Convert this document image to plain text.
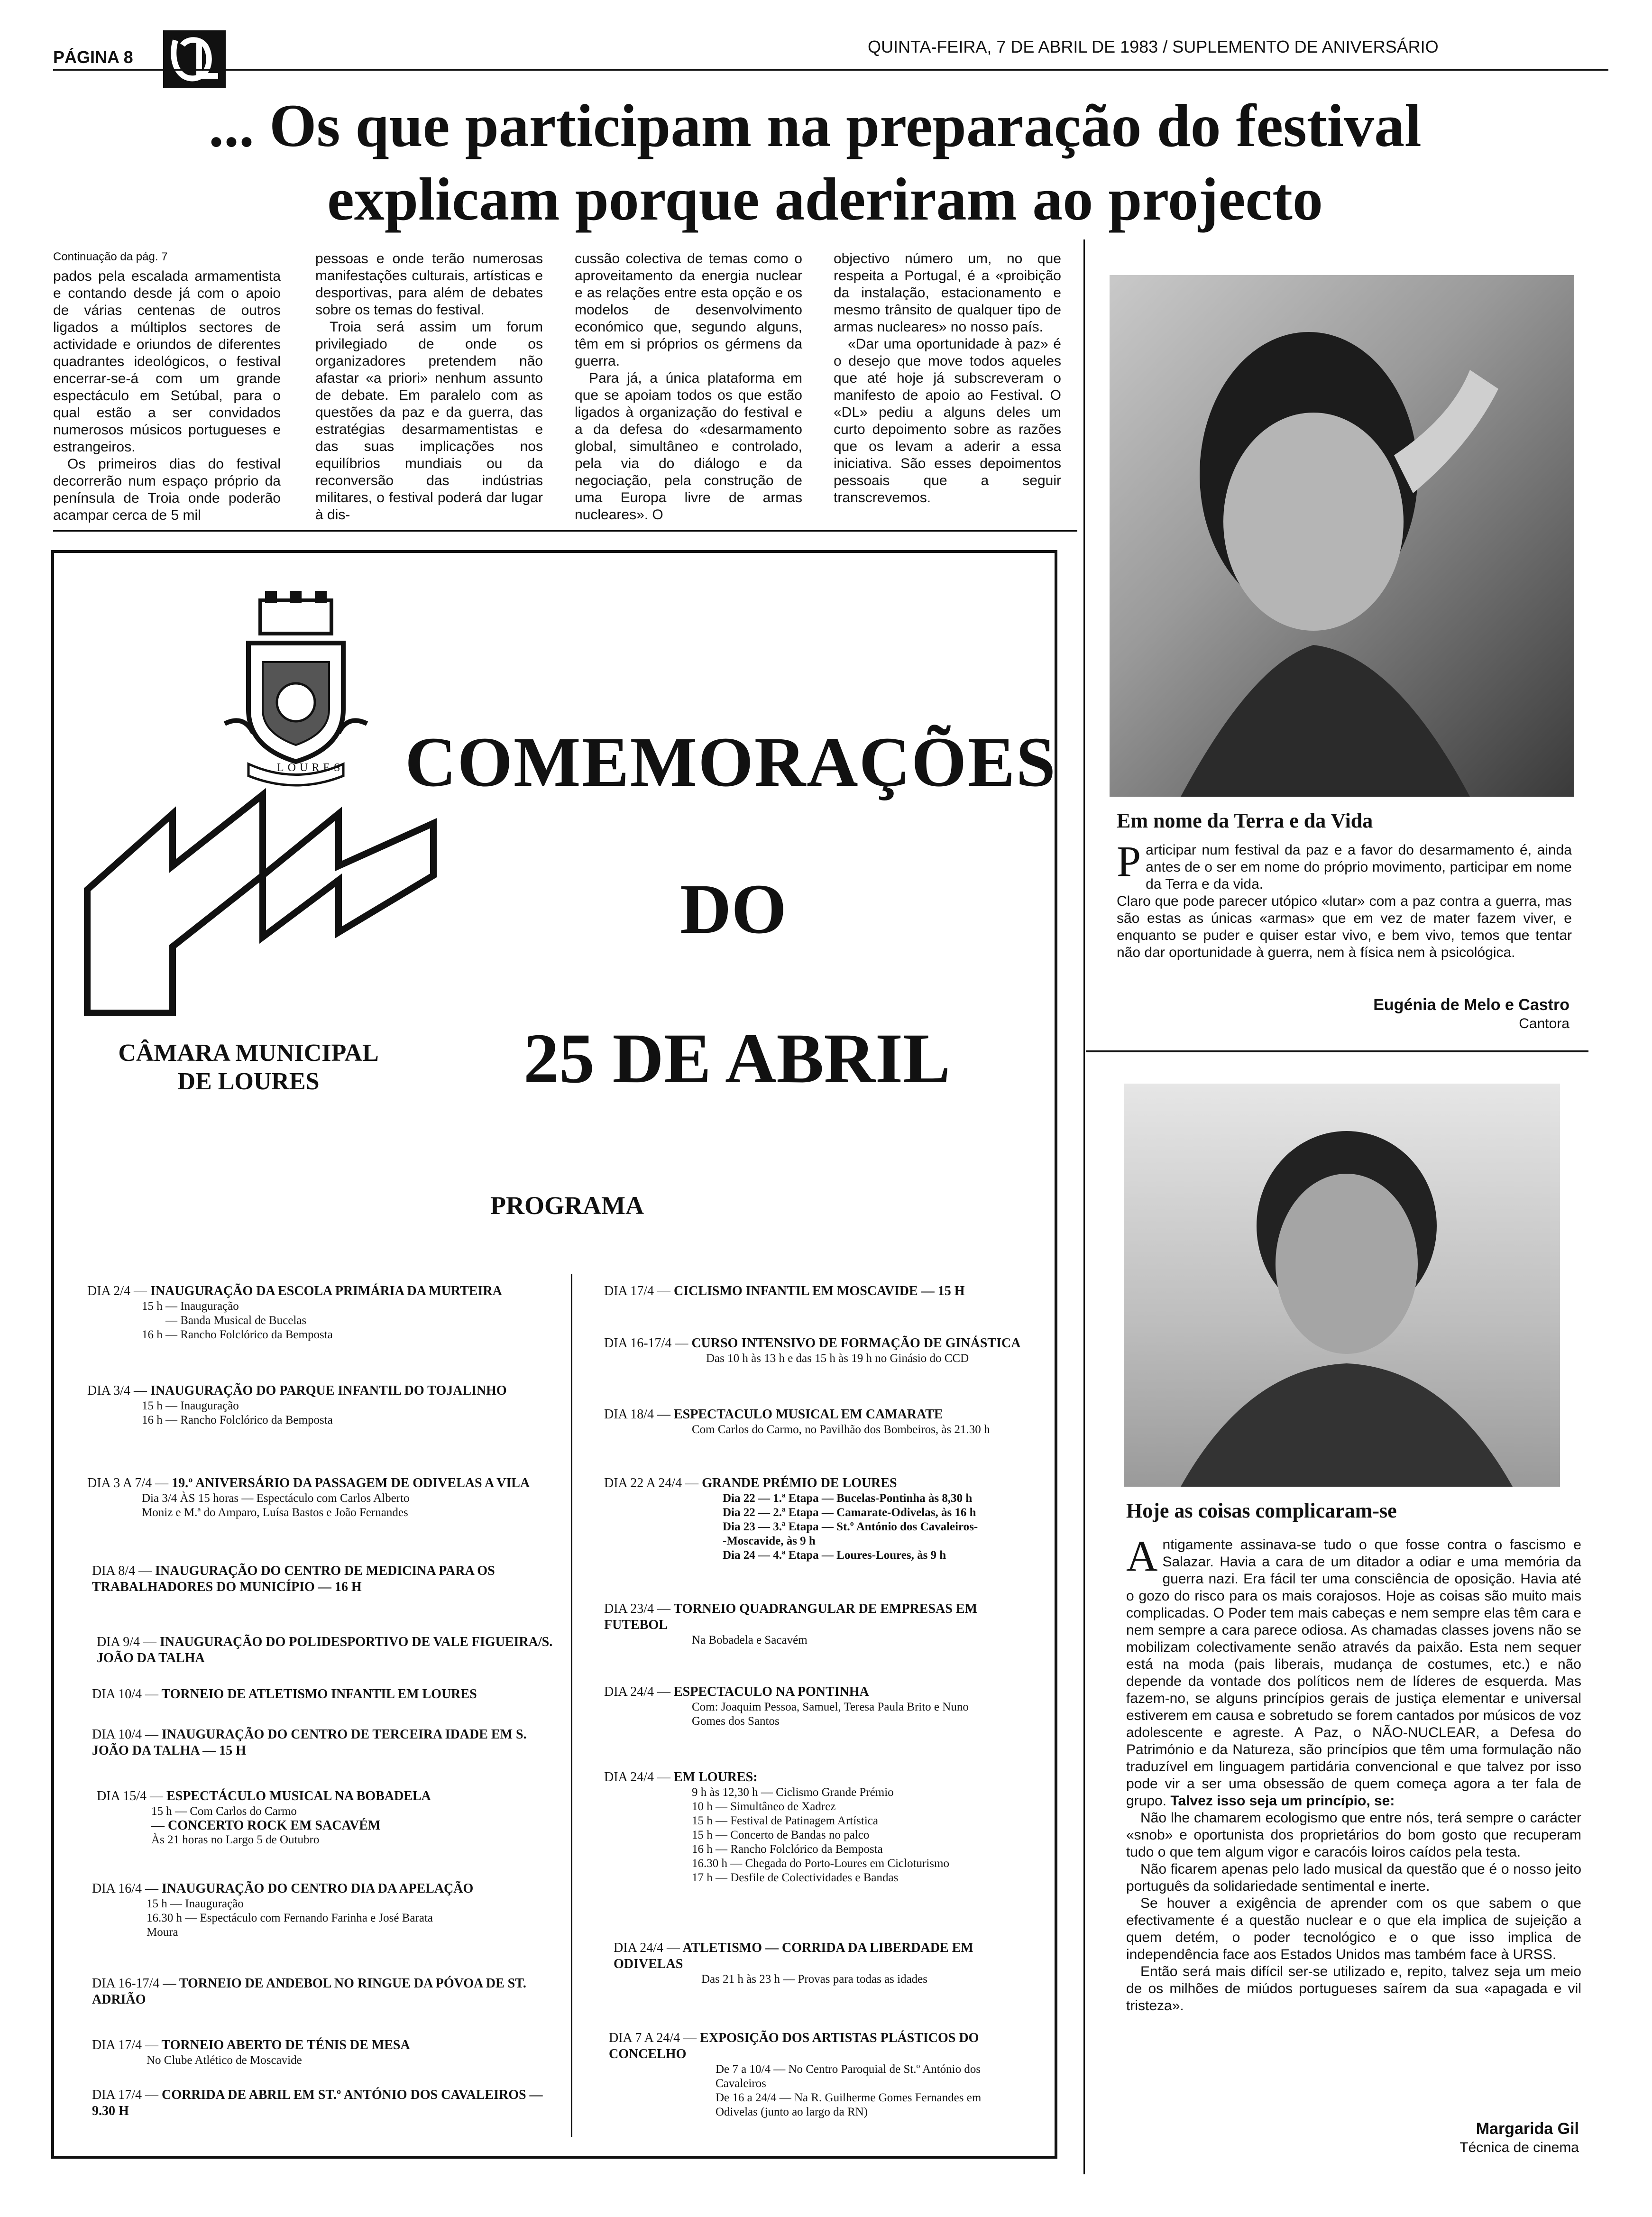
PÁGINA 8
QUINTA-FEIRA, 7 DE ABRIL DE 1983 / SUPLEMENTO DE ANIVERSÁRIO
... Os que participam na preparação do festival
explicam porque aderiram ao projecto
Continuação da pág. 7

pados pela escalada armamentista e contando desde já com o apoio de várias centenas de outros ligados a múltiplos sectores de actividade e oriundos de diferentes quadrantes ideológicos, o festival encerrar-se-á com um grande espectáculo em Setúbal, para o qual estão a ser convidados numerosos músicos portugueses e estrangeiros.

Os primeiros dias do festival decorrerão num espaço próprio da península de Troia onde poderão acampar cerca de 5 mil

pessoas e onde terão numerosas manifestações culturais, artísticas e desportivas, para além de debates sobre os temas do festival.

Troia será assim um forum privilegiado de onde os organizadores pretendem não afastar «a priori» nenhum assunto de debate. Em paralelo com as questões da paz e da guerra, das estratégias desarmamentistas e das suas implicações nos equilíbrios mundiais ou da reconversão das indústrias militares, o festival poderá dar lugar à dis-

cussão colectiva de temas como o aproveitamento da energia nuclear e as relações entre esta opção e os modelos de desenvolvimento económico que, segundo alguns, têm em si próprios os gérmens da guerra.

Para já, a única plataforma em que se apoiam todos os que estão ligados à organização do festival e a da defesa do «desarmamento global, simultâneo e controlado, pela via do diálogo e da negociação, pela construção de uma Europa livre de armas nucleares». O

objectivo número um, no que respeita a Portugal, é a «proibição da instalação, estacionamento e mesmo trânsito de qualquer tipo de armas nucleares» no nosso país.

«Dar uma oportunidade à paz» é o desejo que move todos aqueles que até hoje já subscreveram o manifesto de apoio ao Festival. O «DL» pediu a alguns deles um curto depoimento sobre as razões que os levam a aderir a essa iniciativa. São esses depoimentos pessoais que a seguir transcrevemos.

LOURES COMEMORAÇÕES
DO
25 DE ABRIL
CÂMARA MUNICIPAL
DE LOURES
PROGRAMA
DIA 2/4 — INAUGURAÇÃO DA ESCOLA PRIMÁRIA DA MURTEIRA
15 h — Inauguração
— Banda Musical de Bucelas
16 h — Rancho Folclórico da Bemposta
DIA 3/4 — INAUGURAÇÃO DO PARQUE INFANTIL DO TOJALINHO
15 h — Inauguração
16 h — Rancho Folclórico da Bemposta
DIA 3 A 7/4 — 19.º ANIVERSÁRIO DA PASSAGEM DE ODIVELAS A VILA
Dia 3/4 ÀS 15 horas — Espectáculo com Carlos Alberto
Moniz e M.ª do Amparo, Luísa Bastos e João Fernandes
DIA 8/4 — INAUGURAÇÃO DO CENTRO DE MEDICINA PARA OS TRABALHADORES DO MUNICÍPIO — 16 H
DIA 9/4 — INAUGURAÇÃO DO POLIDESPORTIVO DE VALE FIGUEIRA/S. JOÃO DA TALHA
DIA 10/4 — TORNEIO DE ATLETISMO INFANTIL EM LOURES
DIA 10/4 — INAUGURAÇÃO DO CENTRO DE TERCEIRA IDADE EM S. JOÃO DA TALHA — 15 H
DIA 15/4 — ESPECTÁCULO MUSICAL NA BOBADELA
15 h — Com Carlos do Carmo
— CONCERTO ROCK EM SACAVÉM
Às 21 horas no Largo 5 de Outubro
DIA 16/4 — INAUGURAÇÃO DO CENTRO DIA DA APELAÇÃO
15 h — Inauguração
16.30 h — Espectáculo com Fernando Farinha e José Barata
Moura
DIA 16-17/4 — TORNEIO DE ANDEBOL NO RINGUE DA PÓVOA DE ST. ADRIÃO
DIA 17/4 — TORNEIO ABERTO DE TÉNIS DE MESA
No Clube Atlético de Moscavide
DIA 17/4 — CORRIDA DE ABRIL EM ST.º ANTÓNIO DOS CAVALEIROS — 9.30 H
DIA 17/4 — CICLISMO INFANTIL EM MOSCAVIDE — 15 H
DIA 16-17/4 — CURSO INTENSIVO DE FORMAÇÃO DE GINÁSTICA
Das 10 h às 13 h e das 15 h às 19 h no Ginásio do CCD
DIA 18/4 — ESPECTACULO MUSICAL EM CAMARATE
Com Carlos do Carmo, no Pavilhão dos Bombeiros, às 21.30 h
DIA 22 A 24/4 — GRANDE PRÉMIO DE LOURES
Dia 22 — 1.ª Etapa — Bucelas-Pontinha às 8,30 h
Dia 22 — 2.ª Etapa — Camarate-Odivelas, às 16 h
Dia 23 — 3.ª Etapa — St.º António dos Cavaleiros-
-Moscavide, às 9 h
Dia 24 — 4.ª Etapa — Loures-Loures, às 9 h
DIA 23/4 — TORNEIO QUADRANGULAR DE EMPRESAS EM FUTEBOL
Na Bobadela e Sacavém
DIA 24/4 — ESPECTACULO NA PONTINHA
Com: Joaquim Pessoa, Samuel, Teresa Paula Brito e Nuno
Gomes dos Santos
DIA 24/4 — EM LOURES:
9 h às 12,30 h — Ciclismo Grande Prémio
10 h — Simultâneo de Xadrez
15 h — Festival de Patinagem Artística
15 h — Concerto de Bandas no palco
16 h — Rancho Folclórico da Bemposta
16.30 h — Chegada do Porto-Loures em Cicloturismo
17 h — Desfile de Colectividades e Bandas
DIA 24/4 — ATLETISMO — CORRIDA DA LIBERDADE EM ODIVELAS
Das 21 h às 23 h — Provas para todas as idades
DIA 7 A 24/4 — EXPOSIÇÃO DOS ARTISTAS PLÁSTICOS DO CONCELHO
De 7 a 10/4 — No Centro Paroquial de St.º António dos
Cavaleiros
De 16 a 24/4 — Na R. Guilherme Gomes Fernandes em
Odivelas (junto ao largo da RN)
Em nome da Terra e da Vida

Participar num festival da paz e a favor do desarmamento é, ainda antes de o ser em nome do próprio movimento, participar em nome da Terra e da vida.

Claro que pode parecer utópico «lutar» com a paz contra a guerra, mas são estas as únicas «armas» que em vez de mater fazem viver, e enquanto se puder e quiser estar vivo, e bem vivo, temos que tentar não dar oportunidade à guerra, nem à física nem à psicológica.

Eugénia de Melo e Castro
Cantora
Hoje as coisas complicaram-se

Antigamente assinava-se tudo o que fosse contra o fascismo e Salazar. Havia a cara de um ditador a odiar e uma memória da guerra nazi. Era fácil ter uma consciência de oposição. Havia até o gozo do risco para os mais corajosos. Hoje as coisas são muito mais complicadas. O Poder tem mais cabeças e nem sempre elas têm cara e nem sempre a cara parece odiosa. As chamadas classes jovens não se mobilizam colectivamente senão através da paixão. Esta nem sequer está na moda (pais liberais, mudança de costumes, etc.) e não depende da vontade dos políticos nem de líderes de esquerda. Mas fazem-no, se alguns princípios gerais de justiça elementar e universal estiverem em causa e sobretudo se forem cantados por músicos de voz adolescente e agreste. A Paz, o NÃO-NUCLEAR, a Defesa do Património e da Natureza, são princípios que têm uma formulação não traduzível em linguagem partidária convencional e que talvez por isso pode vir a ser uma obsessão de quem começa agora a ter fala de grupo. Talvez isso seja um princípio, se:

Não lhe chamarem ecologismo que entre nós, terá sempre o carácter «snob» e oportunista dos proprietários do bom gosto que recuperam tudo o que tem algum vigor e caracóis loiros caídos pela testa.

Não ficarem apenas pelo lado musical da questão que é o nosso jeito português da solidariedade sentimental e inerte.

Se houver a exigência de aprender com os que sabem o que efectivamente é a questão nuclear e o que ela implica de sujeição a quem detém, o poder tecnológico e o que isso implica de independência face aos Estados Unidos mas também face à URSS.

Então será mais difícil ser-se utilizado e, repito, talvez seja um meio de os milhões de miúdos portugueses saírem da sua «apagada e vil tristeza».

Margarida Gil
Técnica de cinema
